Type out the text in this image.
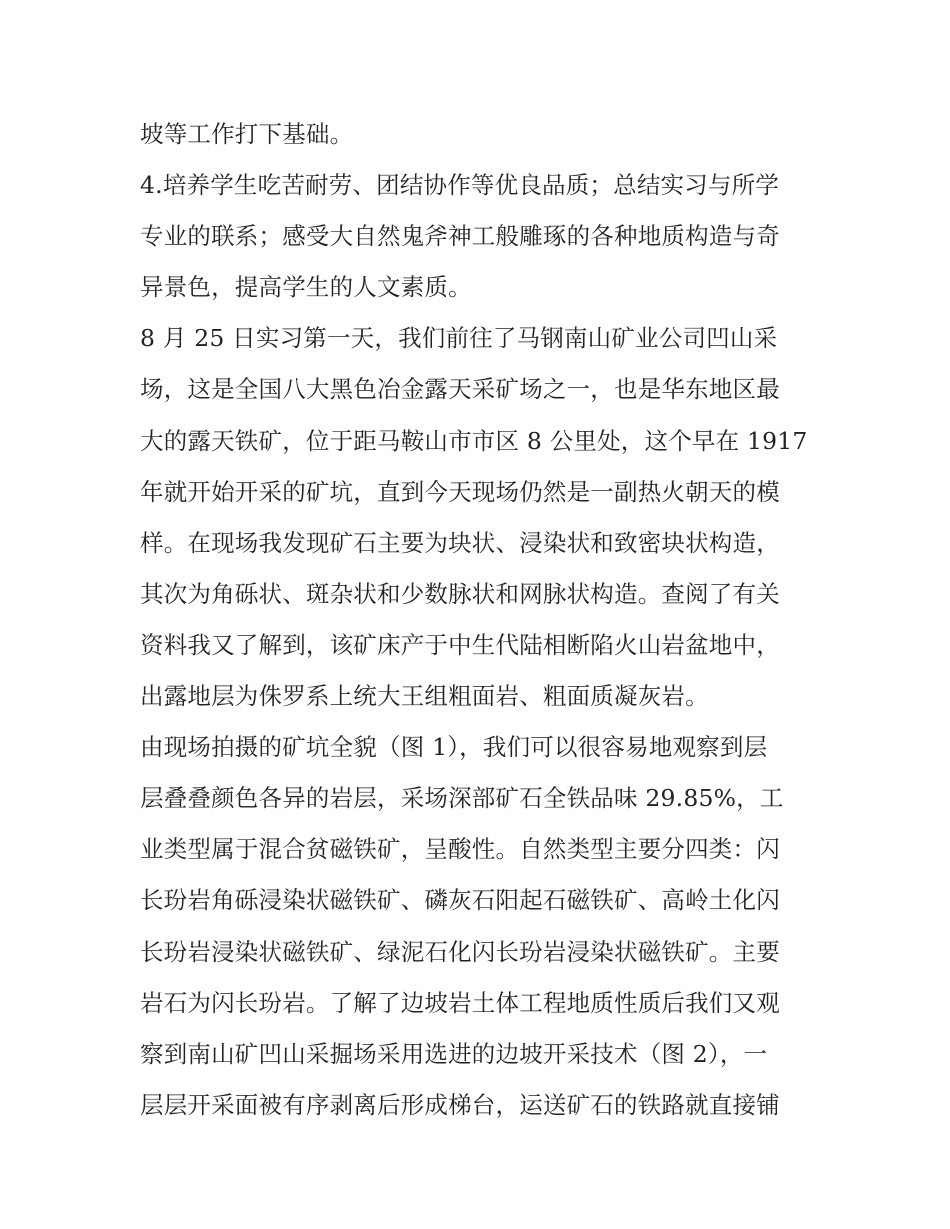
坡等工作打下基础。
4.培养学生吃苦耐劳、团结协作等优良品质；总结实习与所学
专业的联系；感受大自然鬼斧神工般雕琢的各种地质构造与奇
异景色，提高学生的人文素质。
8 月 25 日实习第一天，我们前往了马钢南山矿业公司凹山采
场，这是全国八大黑色冶金露天采矿场之一，也是华东地区最
大的露天铁矿，位于距马鞍山市市区 8 公里处，这个早在 1917
年就开始开采的矿坑，直到今天现场仍然是一副热火朝天的模
样。在现场我发现矿石主要为块状、浸染状和致密块状构造，
其次为角砾状、斑杂状和少数脉状和网脉状构造。查阅了有关
资料我又了解到，该矿床产于中生代陆相断陷火山岩盆地中，
出露地层为侏罗系上统大王组粗面岩、粗面质凝灰岩。
由现场拍摄的矿坑全貌（图 1），我们可以很容易地观察到层
层叠叠颜色各异的岩层，采场深部矿石全铁品味 29.85%，工
业类型属于混合贫磁铁矿，呈酸性。自然类型主要分四类：闪
长玢岩角砾浸染状磁铁矿、磷灰石阳起石磁铁矿、高岭土化闪
长玢岩浸染状磁铁矿、绿泥石化闪长玢岩浸染状磁铁矿。主要
岩石为闪长玢岩。了解了边坡岩土体工程地质性质后我们又观
察到南山矿凹山采掘场采用选进的边坡开采技术（图 2），一
层层开采面被有序剥离后形成梯台，运送矿石的铁路就直接铺
